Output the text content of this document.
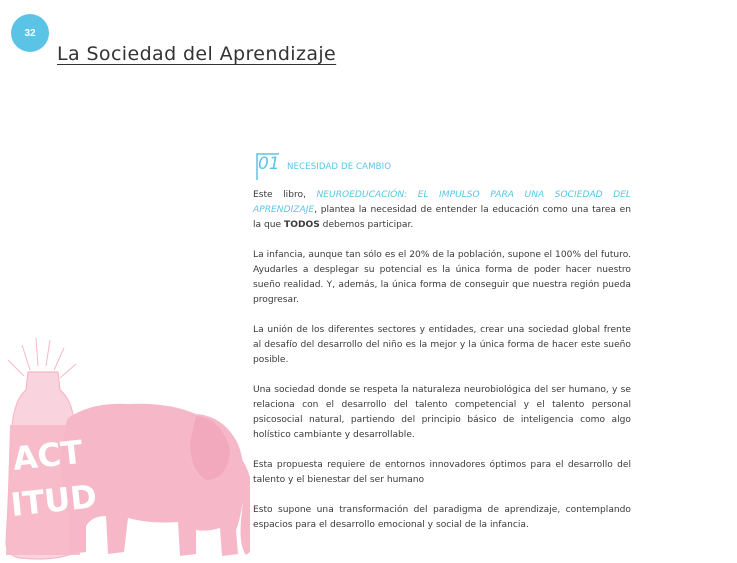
32
La Sociedad del Aprendizaje
ACT
ITUD
01 NECESIDAD DE CAMBIO

Este libro, NEUROEDUCACIÓN: EL IMPULSO PARA UNA SOCIEDAD DEL APRENDIZAJE, plantea la necesidad de entender la educación como una tarea en la que TODOS debemos participar.

La infancia, aunque tan sólo es el 20% de la población, supone el 100% del futuro. Ayudarles a desplegar su potencial es la única forma de poder hacer nuestro sueño realidad. Y, además, la única forma de conseguir que nuestra región pueda progresar.

La unión de los diferentes sectores y entidades, crear una sociedad global frente al desafío del desarrollo del niño es la mejor y la única forma de hacer este sueño posible.

Una sociedad donde se respeta la naturaleza neurobiológica del ser humano, y se relaciona con el desarrollo del talento competencial y el talento personal psicosocial natural, partiendo del principio básico de inteligencia como algo holístico cambiante y desarrollable.

Esta propuesta requiere de entornos innovadores óptimos para el desarrollo del talento y el bienestar del ser humano

Esto supone una transformación del paradigma de aprendizaje, contemplando espacios para el desarrollo emocional y social de la infancia.
